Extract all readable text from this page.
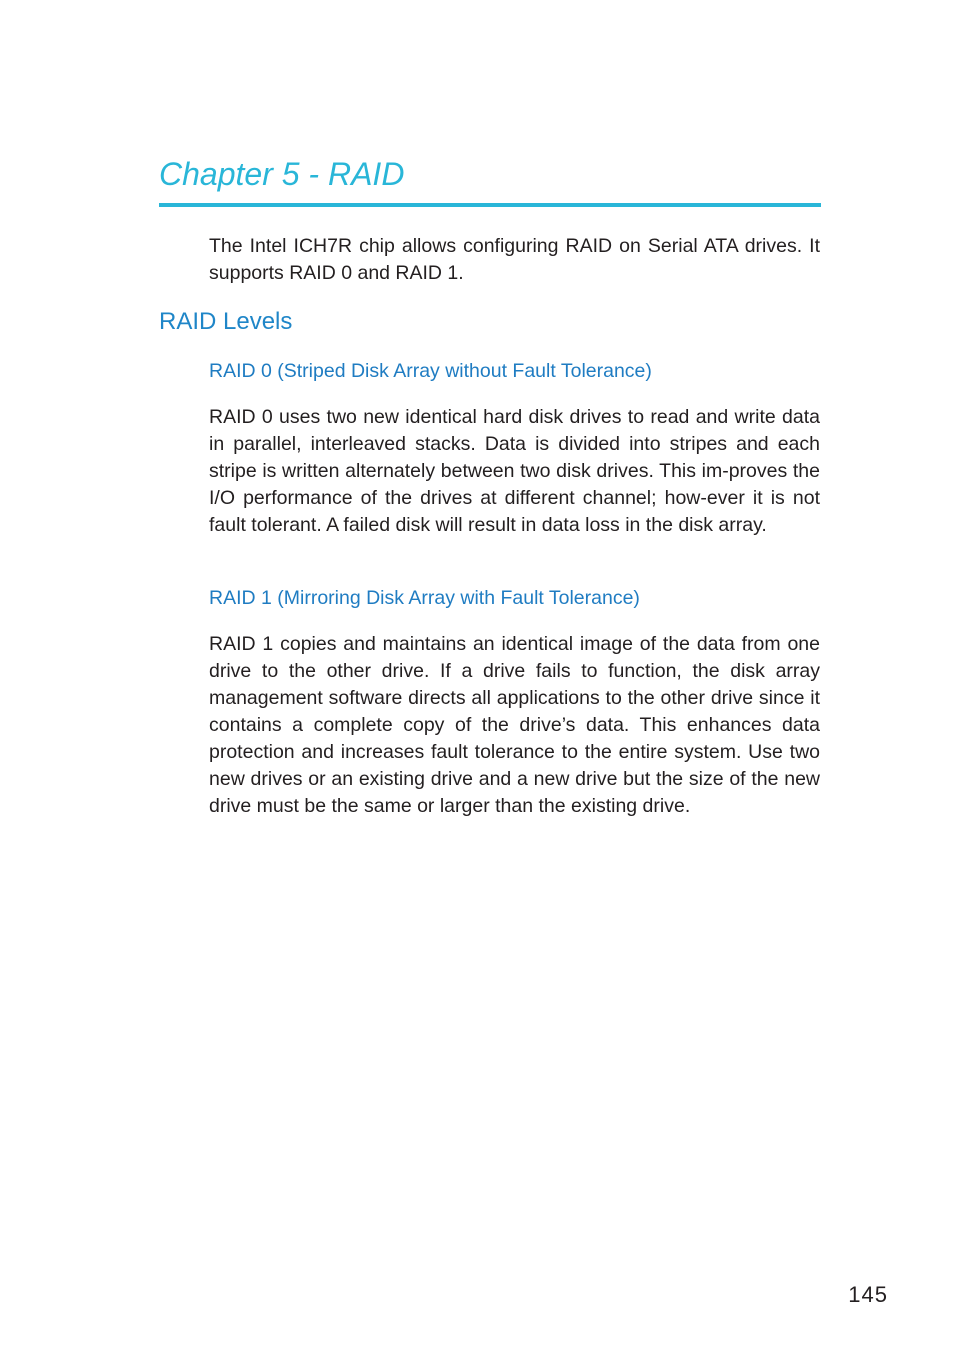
Chapter 5 - RAID

The Intel ICH7R chip allows configuring RAID on Serial ATA drives. It supports RAID 0 and RAID 1.

RAID Levels
RAID 0 (Striped Disk Array without Fault Tolerance)

RAID 0 uses two new identical hard disk drives to read and write data in parallel, interleaved stacks. Data is divided into stripes and each stripe is written alternately between two disk drives. This im-proves the I/O performance of the drives at different channel; how-ever it is not fault tolerant. A failed disk will result in data loss in the disk array.

RAID 1 (Mirroring Disk Array with Fault Tolerance)

RAID 1 copies and maintains an identical image of the data from one drive to the other drive. If a drive fails to function, the disk array management software directs all applications to the other drive since it contains a complete copy of the drive’s data. This enhances data protection and increases fault tolerance to the entire system. Use two new drives or an existing drive and a new drive but the size of the new drive must be the same or larger than the existing drive.

145
